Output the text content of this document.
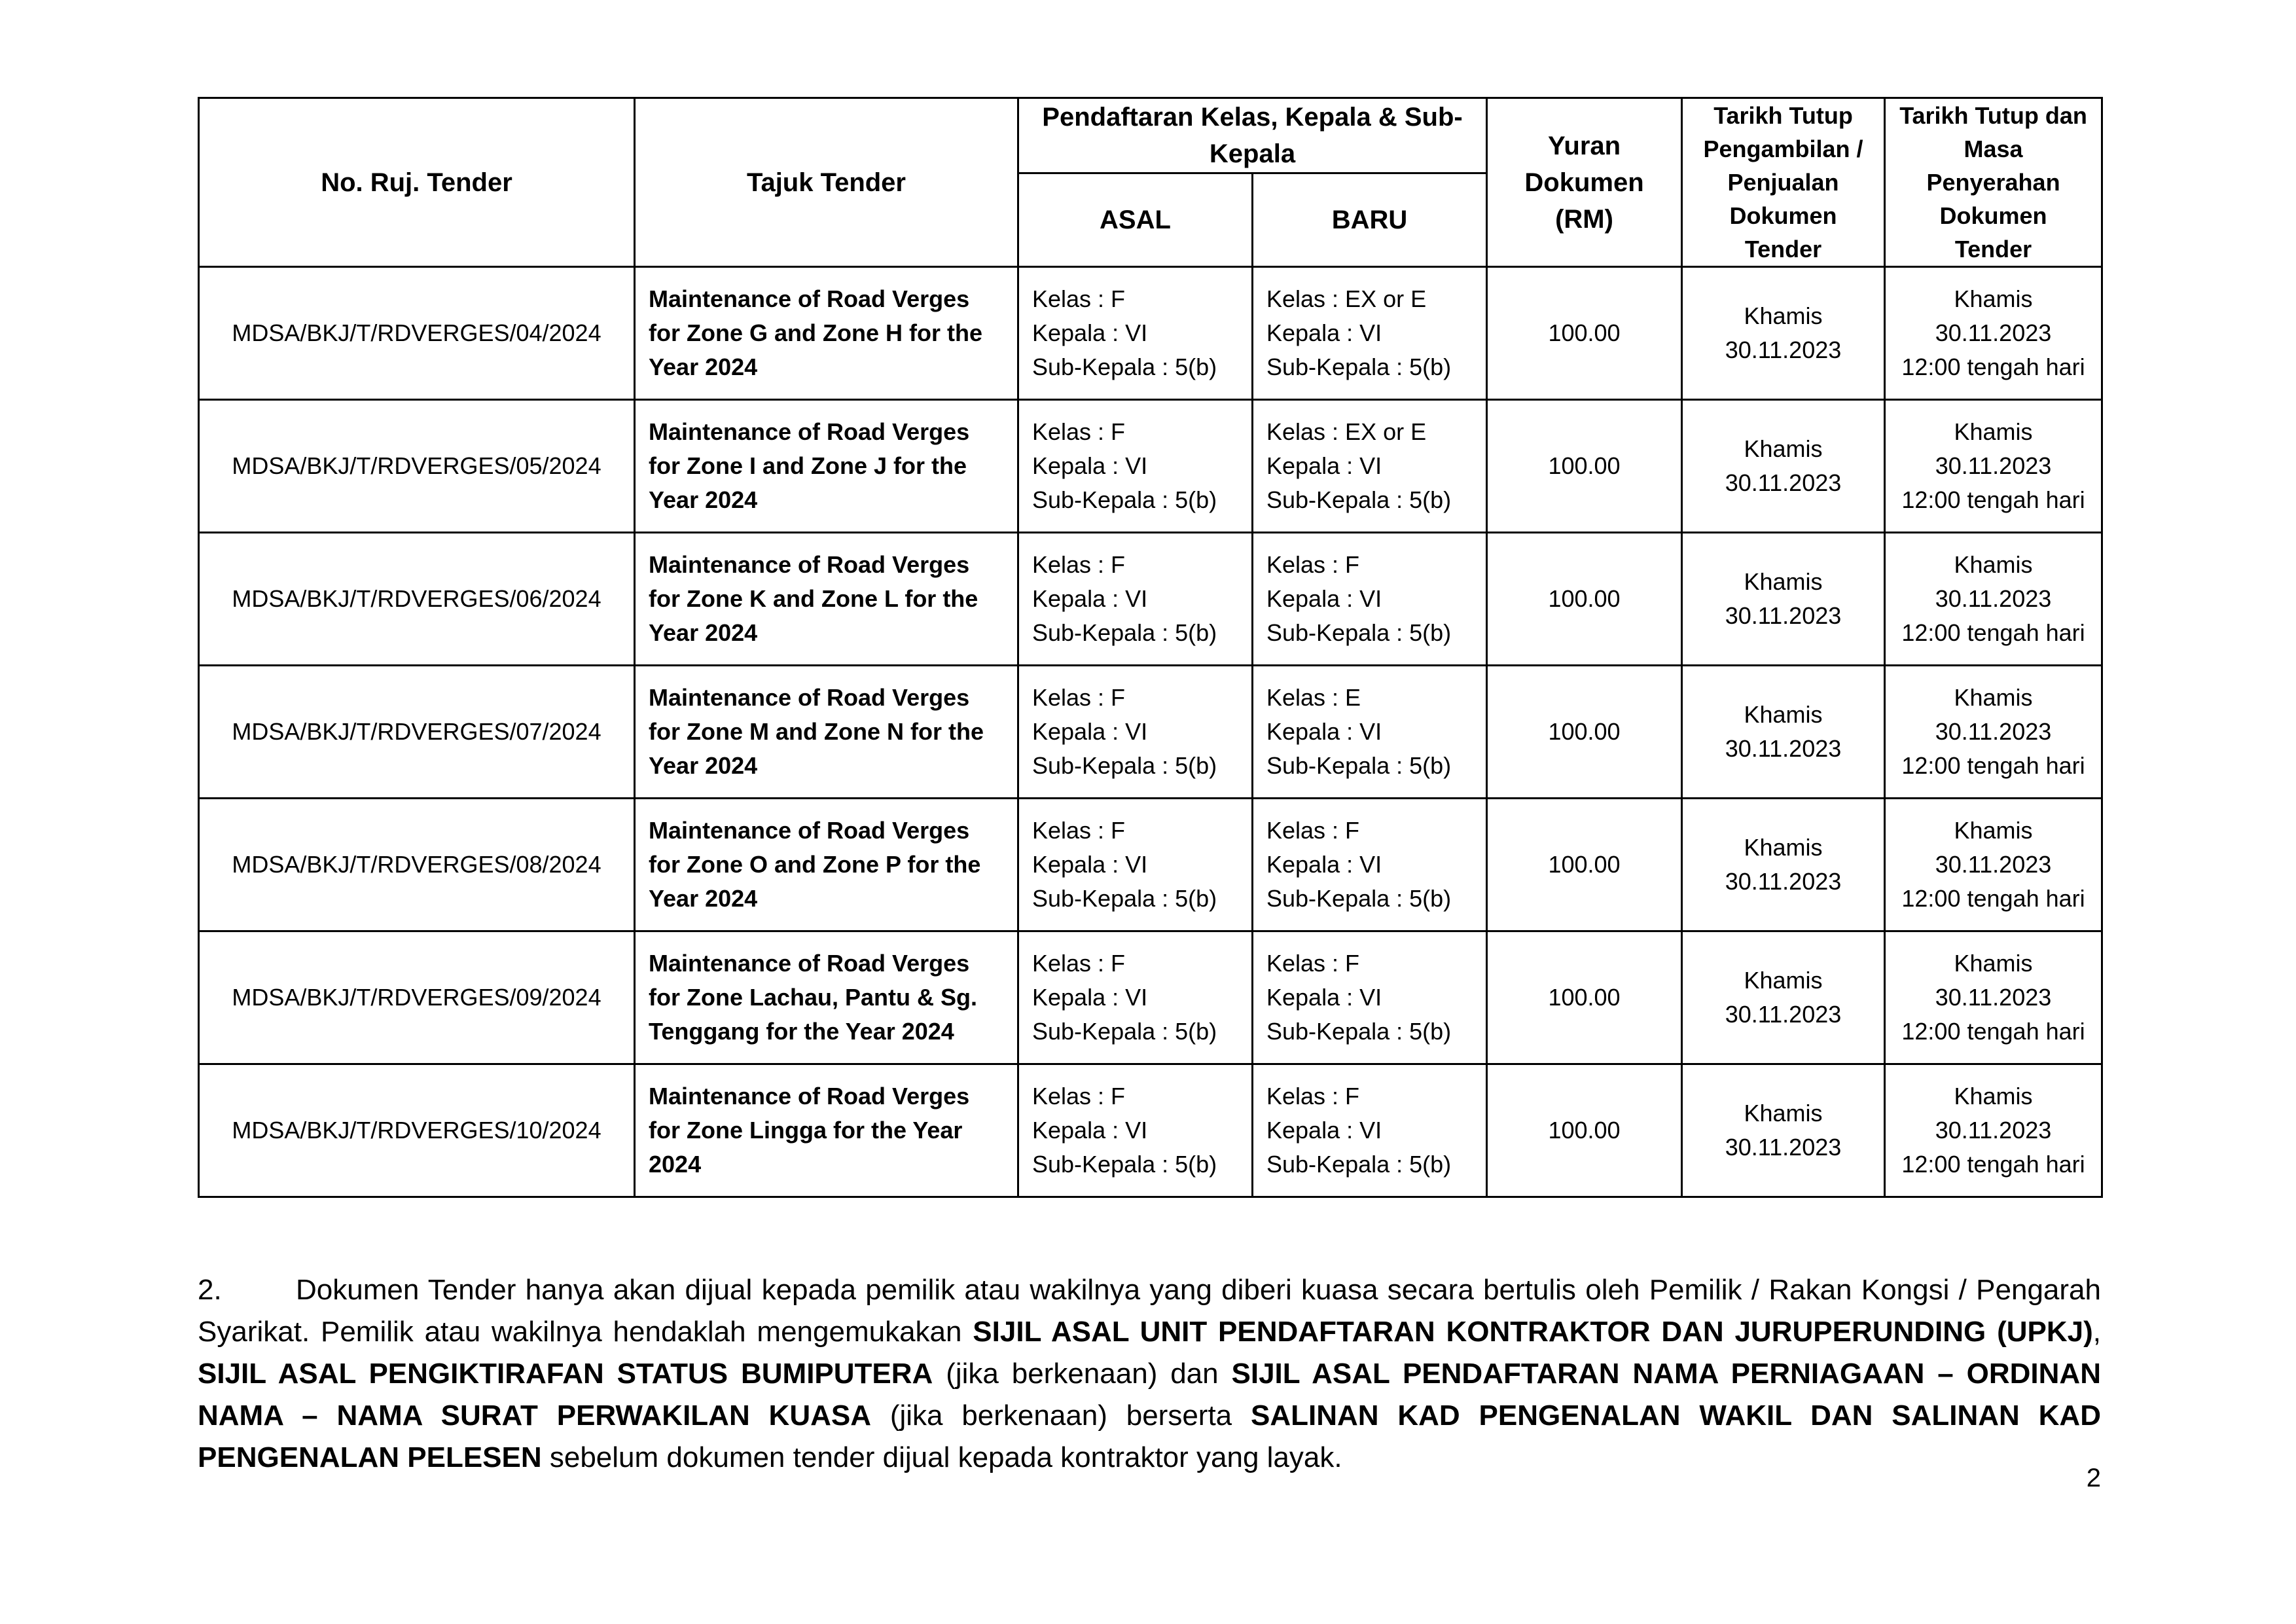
No. Ruj. Tender	Tajuk Tender	Pendaftaran Kelas, Kepala & Sub-Kepala		Yuran Dokumen (RM)	Tarikh Tutup Pengambilan / Penjualan Dokumen Tender	Tarikh Tutup dan Masa Penyerahan Dokumen Tender
		ASAL	BARU			
MDSA/BKJ/T/RDVERGES/04/2024	Maintenance of Road Verges
for Zone G and Zone H for the
Year 2024	Kelas : F
Kepala : VI
Sub-Kepala : 5(b)	Kelas : EX or E
Kepala : VI
Sub-Kepala : 5(b)	100.00	Khamis
30.11.2023	Khamis
30.11.2023
12:00 tengah hari

MDSA/BKJ/T/RDVERGES/05/2024	Maintenance of Road Verges
for Zone I and Zone J for the
Year 2024	Kelas : F
Kepala : VI
Sub-Kepala : 5(b)	Kelas : EX or E
Kepala : VI
Sub-Kepala : 5(b)	100.00	Khamis
30.11.2023	Khamis
30.11.2023
12:00 tengah hari

MDSA/BKJ/T/RDVERGES/06/2024	Maintenance of Road Verges
for Zone K and Zone L for the
Year 2024	Kelas : F
Kepala : VI
Sub-Kepala : 5(b)	Kelas : F
Kepala : VI
Sub-Kepala : 5(b)	100.00	Khamis
30.11.2023	Khamis
30.11.2023
12:00 tengah hari

MDSA/BKJ/T/RDVERGES/07/2024	Maintenance of Road Verges
for Zone M and Zone N for the
Year 2024	Kelas : F
Kepala : VI
Sub-Kepala : 5(b)	Kelas : E
Kepala : VI
Sub-Kepala : 5(b)	100.00	Khamis
30.11.2023	Khamis
30.11.2023
12:00 tengah hari

MDSA/BKJ/T/RDVERGES/08/2024	Maintenance of Road Verges
for Zone O and Zone P for the
Year 2024	Kelas : F
Kepala : VI
Sub-Kepala : 5(b)	Kelas : F
Kepala : VI
Sub-Kepala : 5(b)	100.00	Khamis
30.11.2023	Khamis
30.11.2023
12:00 tengah hari

MDSA/BKJ/T/RDVERGES/09/2024	Maintenance of Road Verges
for Zone Lachau, Pantu & Sg.
Tenggang for the Year 2024	Kelas : F
Kepala : VI
Sub-Kepala : 5(b)	Kelas : F
Kepala : VI
Sub-Kepala : 5(b)	100.00	Khamis
30.11.2023	Khamis
30.11.2023
12:00 tengah hari

MDSA/BKJ/T/RDVERGES/10/2024	Maintenance of Road Verges
for Zone Lingga for the Year
2024	Kelas : F
Kepala : VI
Sub-Kepala : 5(b)	Kelas : F
Kepala : VI
Sub-Kepala : 5(b)	100.00	Khamis
30.11.2023	Khamis
30.11.2023
12:00 tengah hari

2.	Dokumen Tender hanya akan dijual kepada pemilik atau wakilnya yang diberi kuasa secara bertulis oleh Pemilik / Rakan Kongsi / Pengarah Syarikat. Pemilik atau wakilnya hendaklah mengemukakan SIJIL ASAL UNIT PENDAFTARAN KONTRAKTOR DAN JURUPERUNDING (UPKJ), SIJIL ASAL PENGIKTIRAFAN STATUS BUMIPUTERA (jika berkenaan) dan SIJIL ASAL PENDAFTARAN NAMA PERNIAGAAN – ORDINAN NAMA – NAMA SURAT PERWAKILAN KUASA (jika berkenaan) berserta SALINAN KAD PENGENALAN WAKIL DAN SALINAN KAD PENGENALAN PELESEN sebelum dokumen tender dijual kepada kontraktor yang layak.

2
